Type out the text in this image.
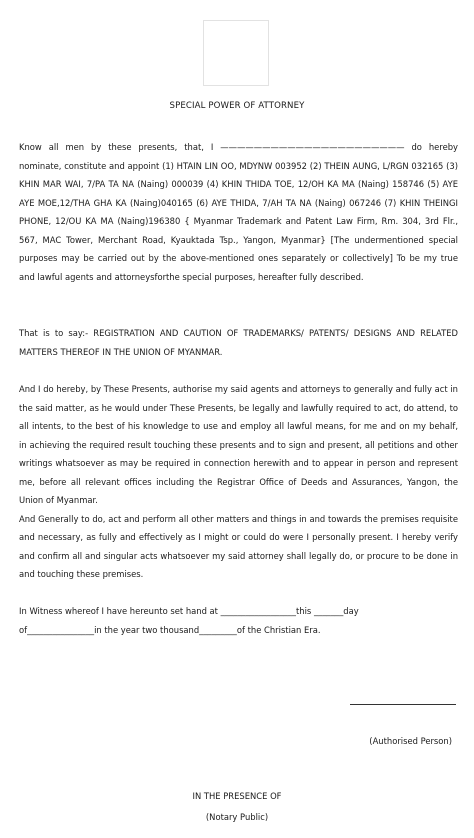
SPECIAL POWER OF ATTORNEY

Know all men by these presents, that, I —————————————————————— do hereby nominate, constitute and appoint (1) HTAIN LIN OO, MDYNW 003952 (2) THEIN AUNG, L/RGN 032165 (3) KHIN MAR WAI, 7/PA TA NA (Naing) 000039 (4) KHIN THIDA TOE, 12/OH KA MA (Naing) 158746 (5) AYE AYE MOE,12/THA GHA KA (Naing)040165 (6) AYE THIDA, 7/AH TA NA (Naing) 067246 (7) KHIN THEINGI PHONE, 12/OU KA MA (Naing)196380 { Myanmar Trademark and Patent Law Firm, Rm. 304, 3rd Flr., 567, MAC Tower, Merchant Road, Kyauktada Tsp., Yangon, Myanmar} [The undermentioned special purposes may be carried out by the above-mentioned ones separately or collectively] To be my true and lawful agents and attorneysforthe special purposes, hereafter fully described.

That is to say:- REGISTRATION AND CAUTION OF TRADEMARKS/ PATENTS/ DESIGNS AND RELATED MATTERS THEREOF IN THE UNION OF MYANMAR.

And I do hereby, by These Presents, authorise my said agents and attorneys to generally and fully act in the said matter, as he would under These Presents, be legally and lawfully required to act, do attend, to all intents, to the best of his knowledge to use and employ all lawful means, for me and on my behalf, in achieving the required result touching these presents and to sign and present, all petitions and other writings whatsoever as may be required in connection herewith and to appear in person and represent me, before all relevant offices including the Registrar Office of Deeds and Assurances, Yangon, the Union of Myanmar.
And Generally to do, act and perform all other matters and things in and towards the premises requisite and necessary, as fully and effectively as I might or could do were I personally present. I hereby verify and confirm all and singular acts whatsoever my said attorney shall legally do, or procure to be done in and touching these premises.
In Witness whereof I have hereunto set hand at __________________this _______day
of________________in the year two thousand_________of the Christian Era.
(Authorised Person)
IN THE PRESENCE OF
(Notary Public)
